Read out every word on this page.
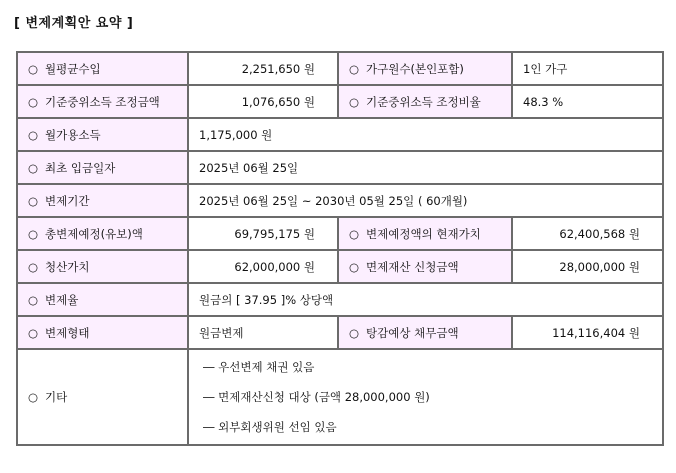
[ 변제계획안 요약 ]
○ 월평균수입	2,251,650 원	○ 가구원수(본인포함)	1인 가구
○ 기준중위소득 조정금액	1,076,650 원	○ 기준중위소득 조정비율	48.3 %
○ 월가용소득	1,175,000 원		
○ 최초 입금일자	2025년 06월 25일		
○ 변제기간	2025년 06월 25일 ~ 2030년 05월 25일 ( 60개월)		
○ 총변제예정(유보)액	69,795,175 원	○ 변제예정액의 현재가치	62,400,568 원
○ 청산가치	62,000,000 원	○ 면제재산 신청금액	28,000,000 원
○ 변제율	원금의 [ 37.95 ]% 상당액		
○ 변제형태	원금변제	○ 탕감예상 채무금액	114,116,404 원
○ 기타	― 우선변제 채권 있음
― 면제재산신청 대상 (금액 28,000,000 원)
― 외부회생위원 선임 있음		
